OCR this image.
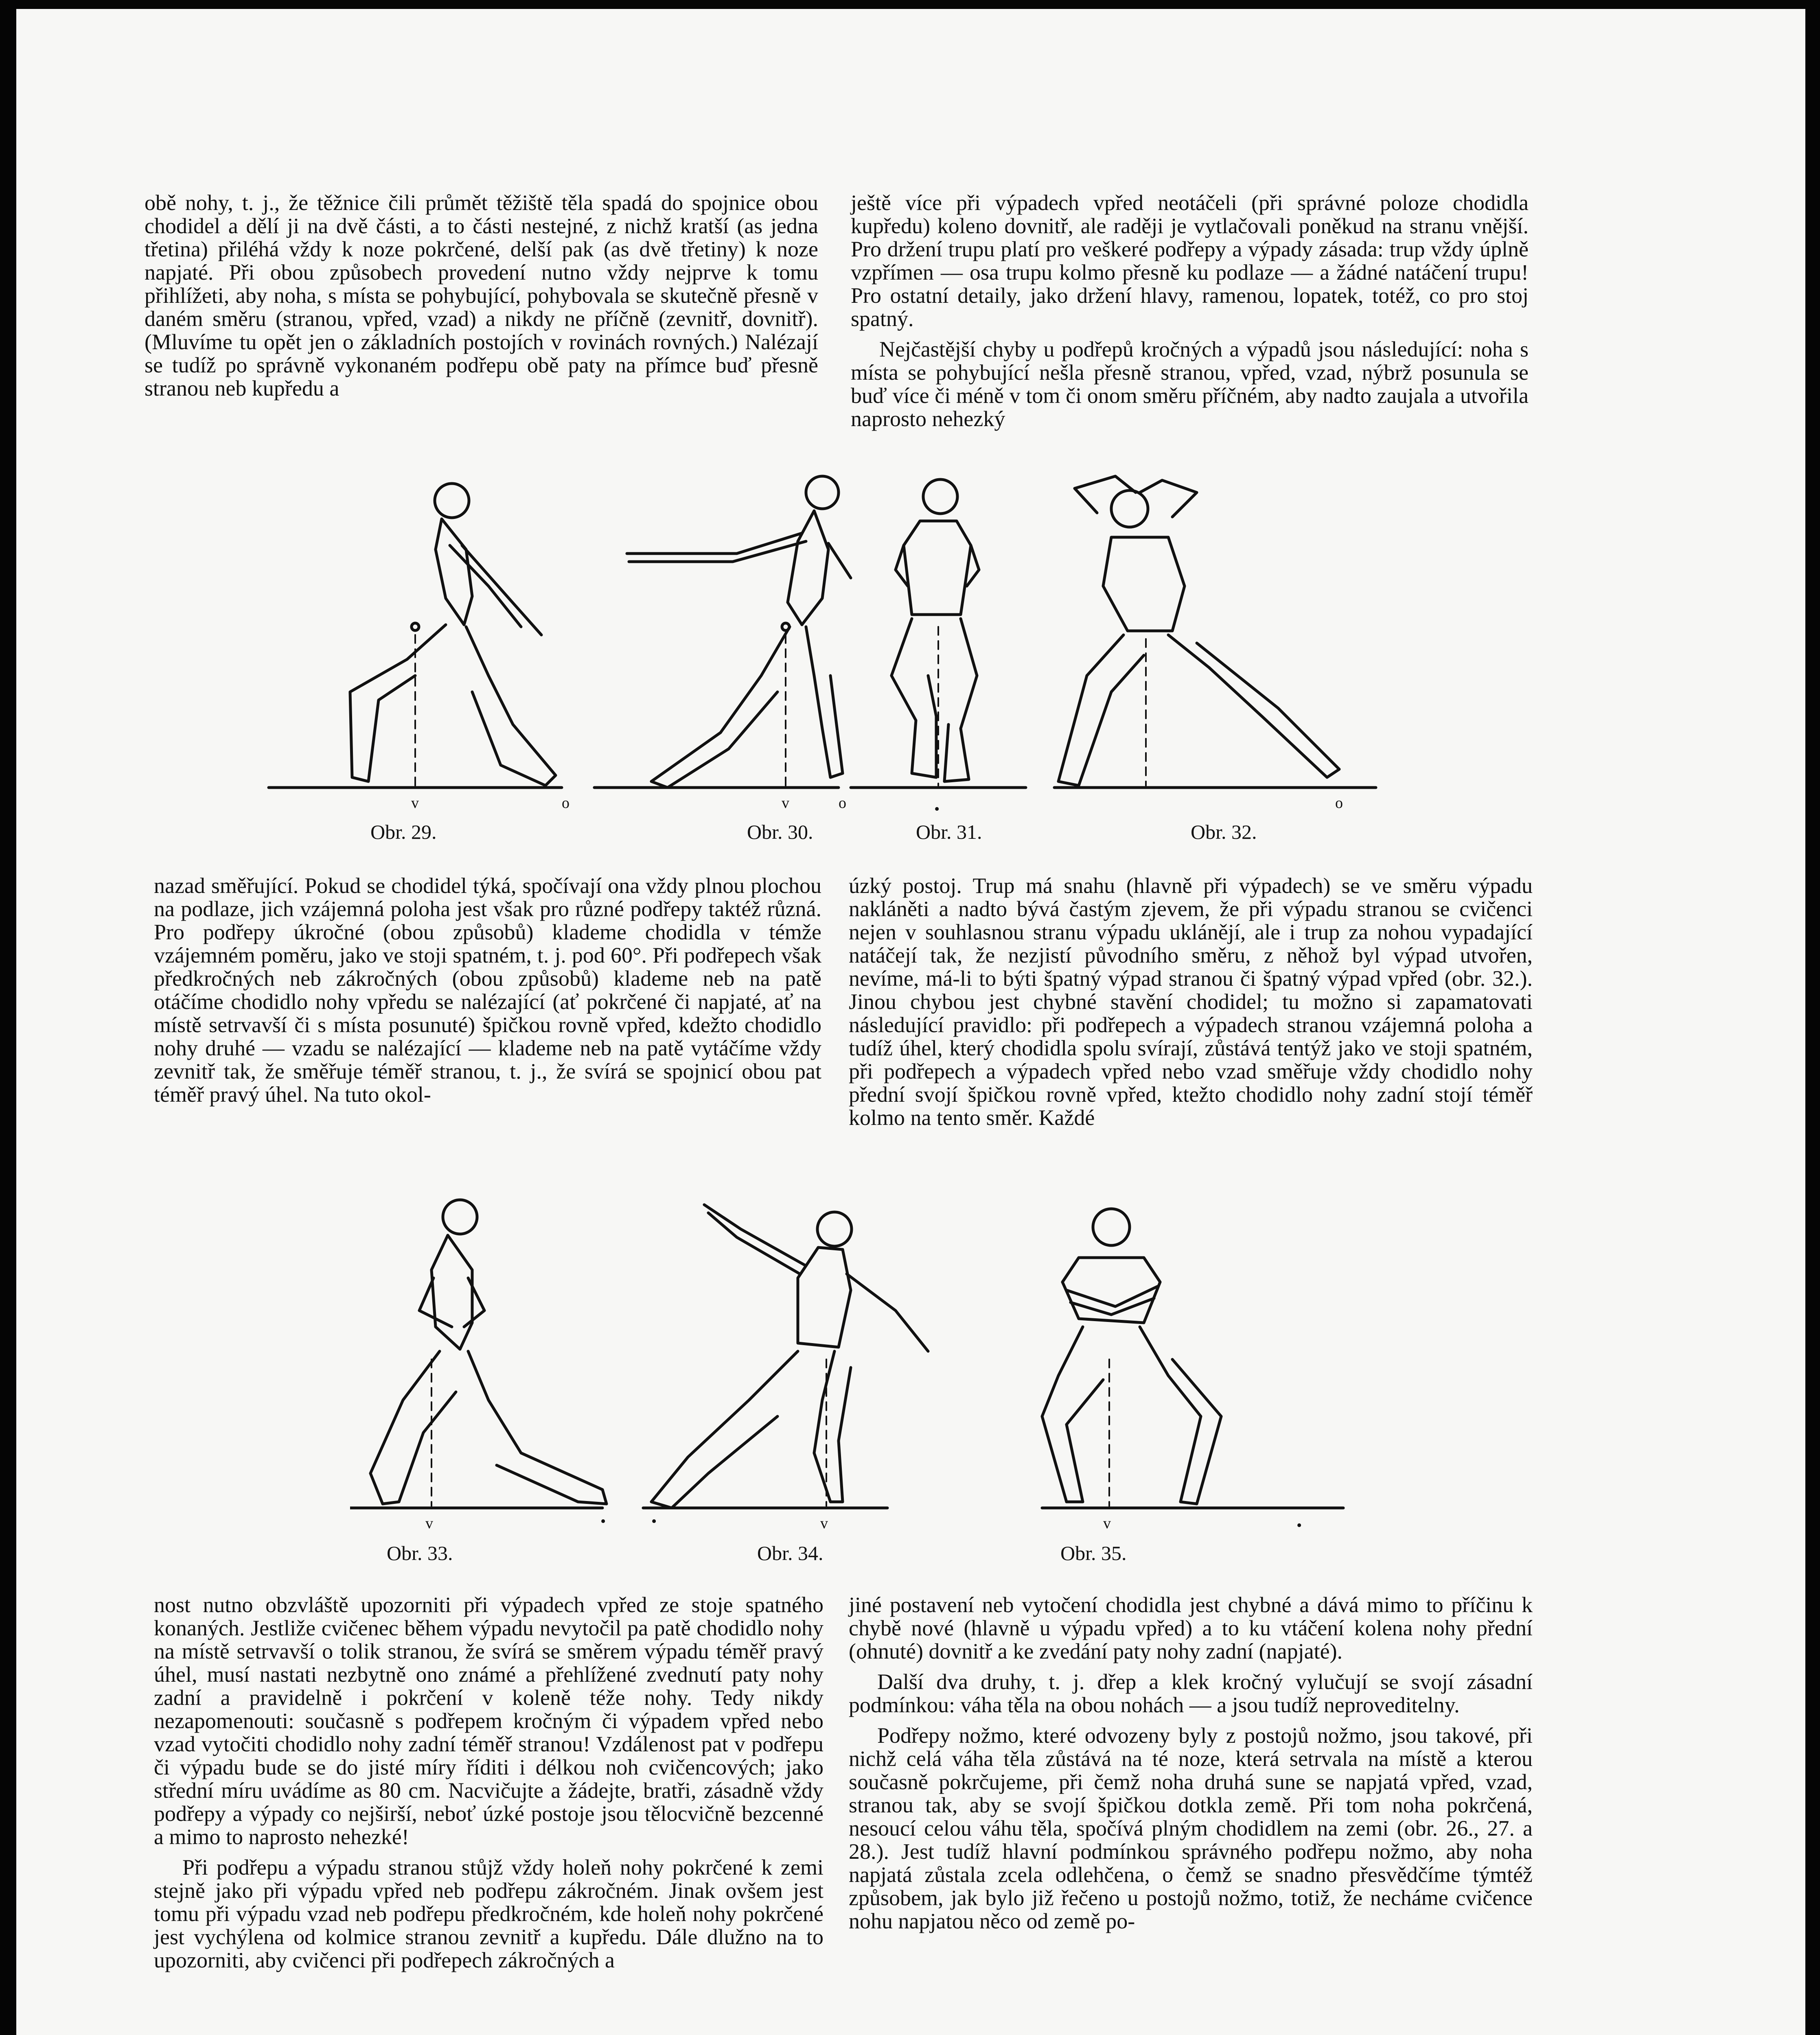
obě nohy, t. j., že těžnice čili průmět těžiště těla spadá do spojnice obou chodidel a dělí ji na dvě části, a to části nestejné, z nichž kratší (as jedna třetina) přiléhá vždy k noze pokrčené, delší pak (as dvě třetiny) k noze napjaté. Při obou způsobech provedení nutno vždy nejprve k tomu přihlížeti, aby noha, s místa se pohybující, pohybovala se skutečně přesně v daném směru (stranou, vpřed, vzad) a nikdy ne příčně (zevnitř, dovnitř). (Mluvíme tu opět jen o základních postojích v rovinách rovných.) Nalézají se tudíž po správně vykonaném podřepu obě paty na přímce buď přesně stranou neb kupředu a

ještě více při výpadech vpřed neotáčeli (při správné poloze chodidla kupředu) koleno dovnitř, ale raději je vytlačovali poněkud na stranu vnější. Pro držení trupu platí pro veškeré podřepy a výpady zásada: trup vždy úplně vzpřímen — osa trupu kolmo přesně ku podlaze — a žádné natáčení trupu! Pro ostatní detaily, jako držení hlavy, ramenou, lopatek, totéž, co pro stoj spatný.

Nejčastější chyby u podřepů kročných a výpadů jsou následující: noha s místa se pohybující nešla přesně stranou, vpřed, vzad, nýbrž posunula se buď více či méně v tom či onom směru příčném, aby nadto zaujala a utvořila naprosto nehezký

v	o	v	o	•	o
Obr. 29.	Obr. 30.	Obr. 31.	Obr. 32.

nazad směřující. Pokud se chodidel týká, spočívají ona vždy plnou plochou na podlaze, jich vzájemná poloha jest však pro různé podřepy taktéž různá. Pro podřepy úkročné (obou způsobů) klademe chodidla v témže vzájemném poměru, jako ve stoji spatném, t. j. pod 60°. Při podřepech však předkročných neb zákročných (obou způsobů) klademe neb na patě otáčíme chodidlo nohy vpředu se nalézající (ať pokrčené či napjaté, ať na místě setrvavší či s místa posunuté) špičkou rovně vpřed, kdežto chodidlo nohy druhé — vzadu se nalézající — klademe neb na patě vytáčíme vždy zevnitř tak, že směřuje téměř stranou, t. j., že svírá se spojnicí obou pat téměř pravý úhel. Na tuto okol-

úzký postoj. Trup má snahu (hlavně při výpadech) se ve směru výpadu nakláněti a nadto bývá častým zjevem, že při výpadu stranou se cvičenci nejen v souhlasnou stranu výpadu uklánějí, ale i trup za nohou vypadající natáčejí tak, že nezjistí původního směru, z něhož byl výpad utvořen, nevíme, má-li to býti špatný výpad stranou či špatný výpad vpřed (obr. 32.). Jinou chybou jest chybné stavění chodidel; tu možno si zapamatovati následující pravidlo: při podřepech a výpadech stranou vzájemná poloha a tudíž úhel, který chodidla spolu svírají, zůstává tentýž jako ve stoji spatném, při podřepech a výpadech vpřed nebo vzad směřuje vždy chodidlo nohy přední svojí špičkou rovně vpřed, ktežto chodidlo nohy zadní stojí téměř kolmo na tento směr. Každé

v	•	•	v	v	•
Obr. 33.	Obr. 34.	Obr. 35.

nost nutno obzvláště upozorniti při výpadech vpřed ze stoje spatného konaných. Jestliže cvičenec během výpadu nevytočil pa patě chodidlo nohy na místě setrvavší o tolik stranou, že svírá se směrem výpadu téměř pravý úhel, musí nastati nezbytně ono známé a přehlížené zvednutí paty nohy zadní a pravidelně i pokrčení v koleně téže nohy. Tedy nikdy nezapomenouti: současně s podřepem kročným či výpadem vpřed nebo vzad vytočiti chodidlo nohy zadní téměř stranou! Vzdálenost pat v podřepu či výpadu bude se do jisté míry říditi i délkou noh cvičencových; jako střední míru uvádíme as 80 cm. Nacvičujte a žádejte, bratři, zásadně vždy podřepy a výpady co nejširší, neboť úzké postoje jsou tělocvičně bezcenné a mimo to naprosto nehezké!

Při podřepu a výpadu stranou stůjž vždy holeň nohy pokrčené k zemi stejně jako při výpadu vpřed neb podřepu zákročném. Jinak ovšem jest tomu při výpadu vzad neb podřepu předkročném, kde holeň nohy pokrčené jest vychýlena od kolmice stranou zevnitř a kupředu. Dále dlužno na to upozorniti, aby cvičenci při podřepech zákročných a

jiné postavení neb vytočení chodidla jest chybné a dává mimo to příčinu k chybě nové (hlavně u výpadu vpřed) a to ku vtáčení kolena nohy přední (ohnuté) dovnitř a ke zvedání paty nohy zadní (napjaté).

Další dva druhy, t. j. dřep a klek kročný vylučují se svojí zásadní podmínkou: váha těla na obou nohách — a jsou tudíž neproveditelny.

Podřepy nožmo, které odvozeny byly z postojů nožmo, jsou takové, při nichž celá váha těla zůstává na té noze, která setrvala na místě a kterou současně pokrčujeme, při čemž noha druhá sune se napjatá vpřed, vzad, stranou tak, aby se svojí špičkou dotkla země. Při tom noha pokrčená, nesoucí celou váhu těla, spočívá plným chodidlem na zemi (obr. 26., 27. a 28.). Jest tudíž hlavní podmínkou správného podřepu nožmo, aby noha napjatá zůstala zcela odlehčena, o čemž se snadno přesvědčíme týmtéž způsobem, jak bylo již řečeno u postojů nožmo, totiž, že necháme cvičence nohu napjatou něco od země po-
